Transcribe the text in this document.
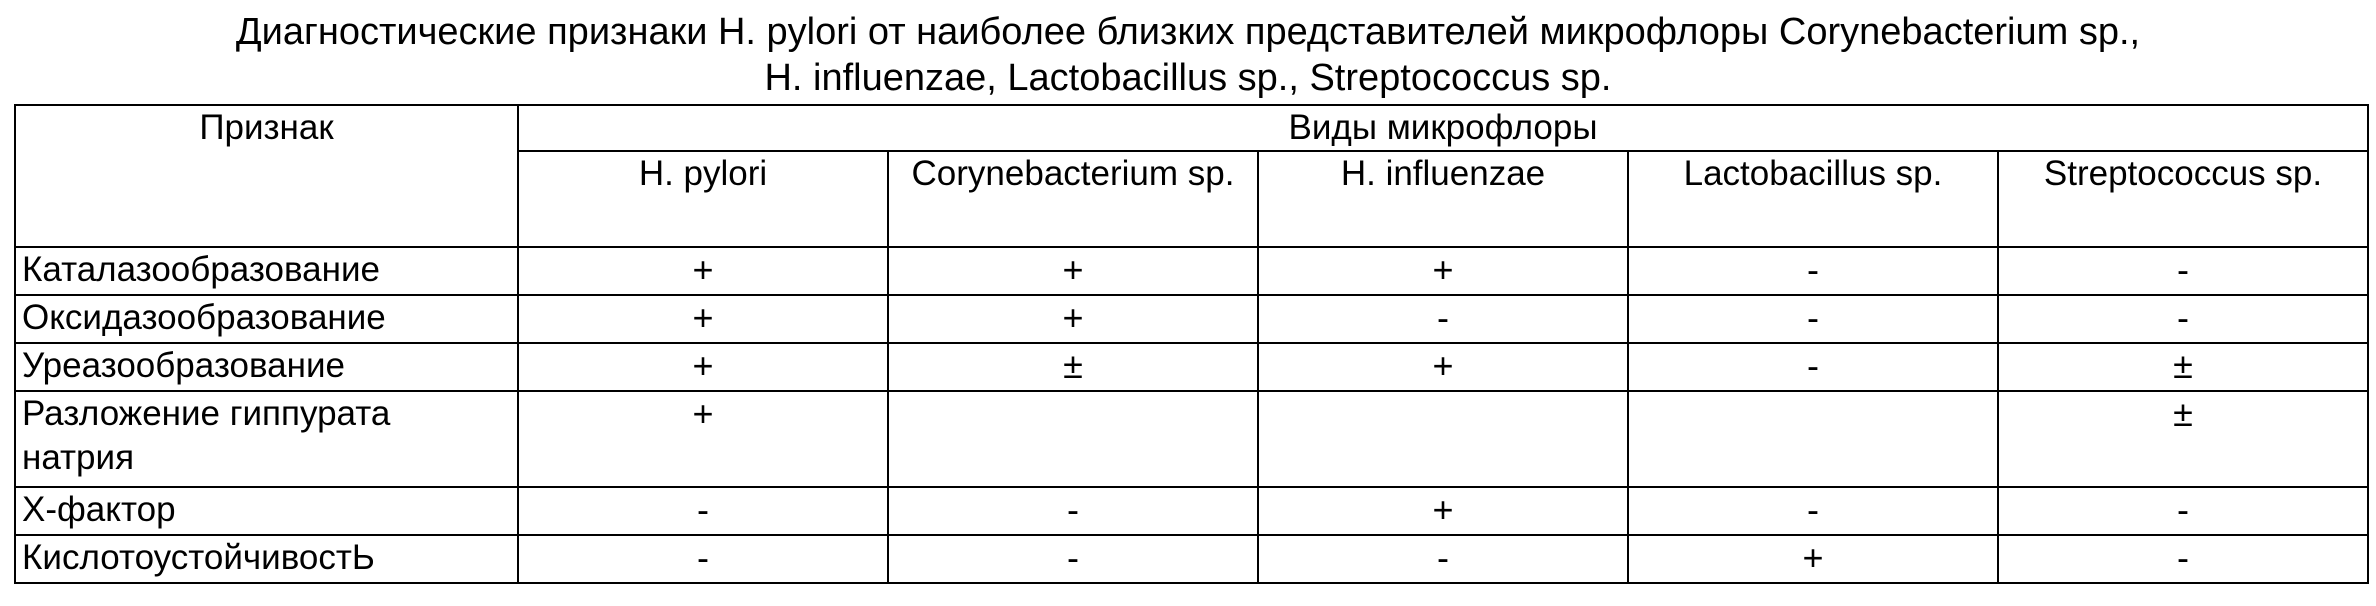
Диагностические признаки H. pylori от наиболее близких представителей микрофлоры Corynebacterium sp.,
H. influenzae, Lactobacillus sp., Streptococcus sp.
Признак	Виды микрофлоры				
	H. pylori	Corynebacterium sp.	H. influenzae	Lactobacillus sp.	Streptococcus sp.
Каталазообразование	+	+	+	-	-
Оксидазообразование	+	+	-	-	-
Уреазообразование	+	±	+	-	±
Разложение гиппурата натрия	+				±
Х-фактор	-	-	+	-	-
КислотоустойчивостЬ	-	-	-	+	-
